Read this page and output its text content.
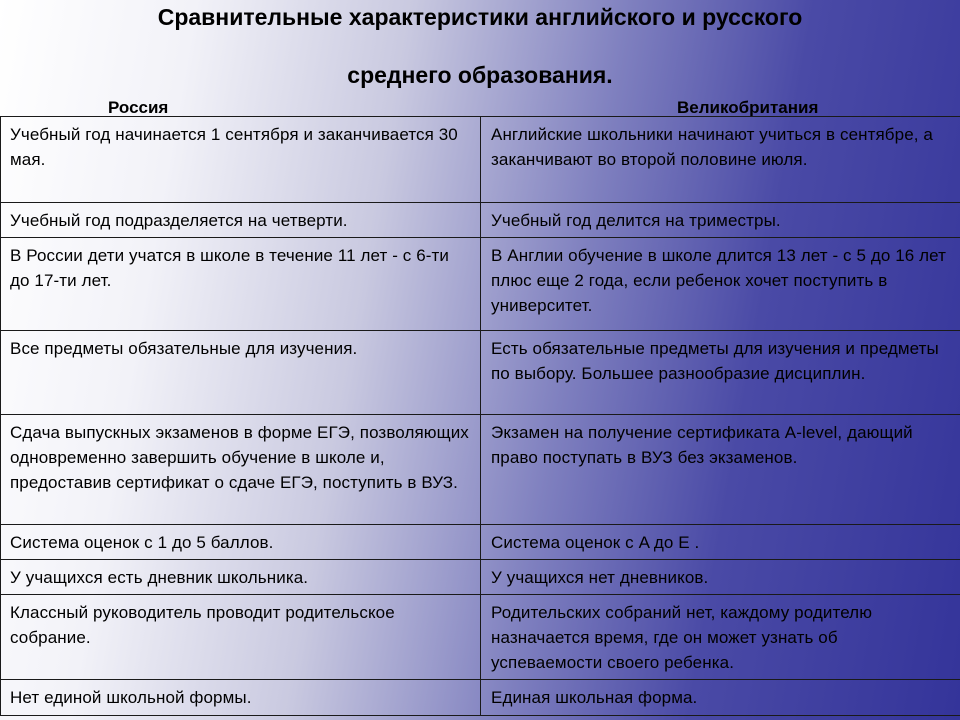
Сравнительные характеристики английского и русского
среднего образования.
Россия	Великобритания
Учебный год начинается 1 сентября и заканчивается 30 мая.	Английские школьники начинают учиться в сентябре, а заканчивают во второй половине июля.
Учебный год подразделяется на четверти.	Учебный год делится на триместры.
В России дети учатся в школе в течение 11 лет - с 6-ти до 17-ти лет.	В Англии обучение в школе длится 13 лет - с 5 до 16 лет плюс еще 2 года, если ребенок хочет поступить в университет.
Все предметы обязательные для изучения.	Есть обязательные предметы для изучения и предметы по выбору. Большее разнообразие дисциплин.
Сдача выпускных экзаменов в форме ЕГЭ, позволяющих одновременно завершить обучение в школе и, предоставив сертификат о сдаче ЕГЭ, поступить в ВУЗ.	Экзамен на получение сертификата A-level, дающий право поступать в ВУЗ без экзаменов.
Система оценок с 1 до 5 баллов.	Система оценок с A до E .
У учащихся есть дневник школьника.	У учащихся нет дневников.
Классный руководитель проводит родительское собрание.	Родительских собраний нет, каждому родителю назначается время, где он может узнать об успеваемости своего ребенка.
Нет единой школьной формы.	Единая школьная форма.
